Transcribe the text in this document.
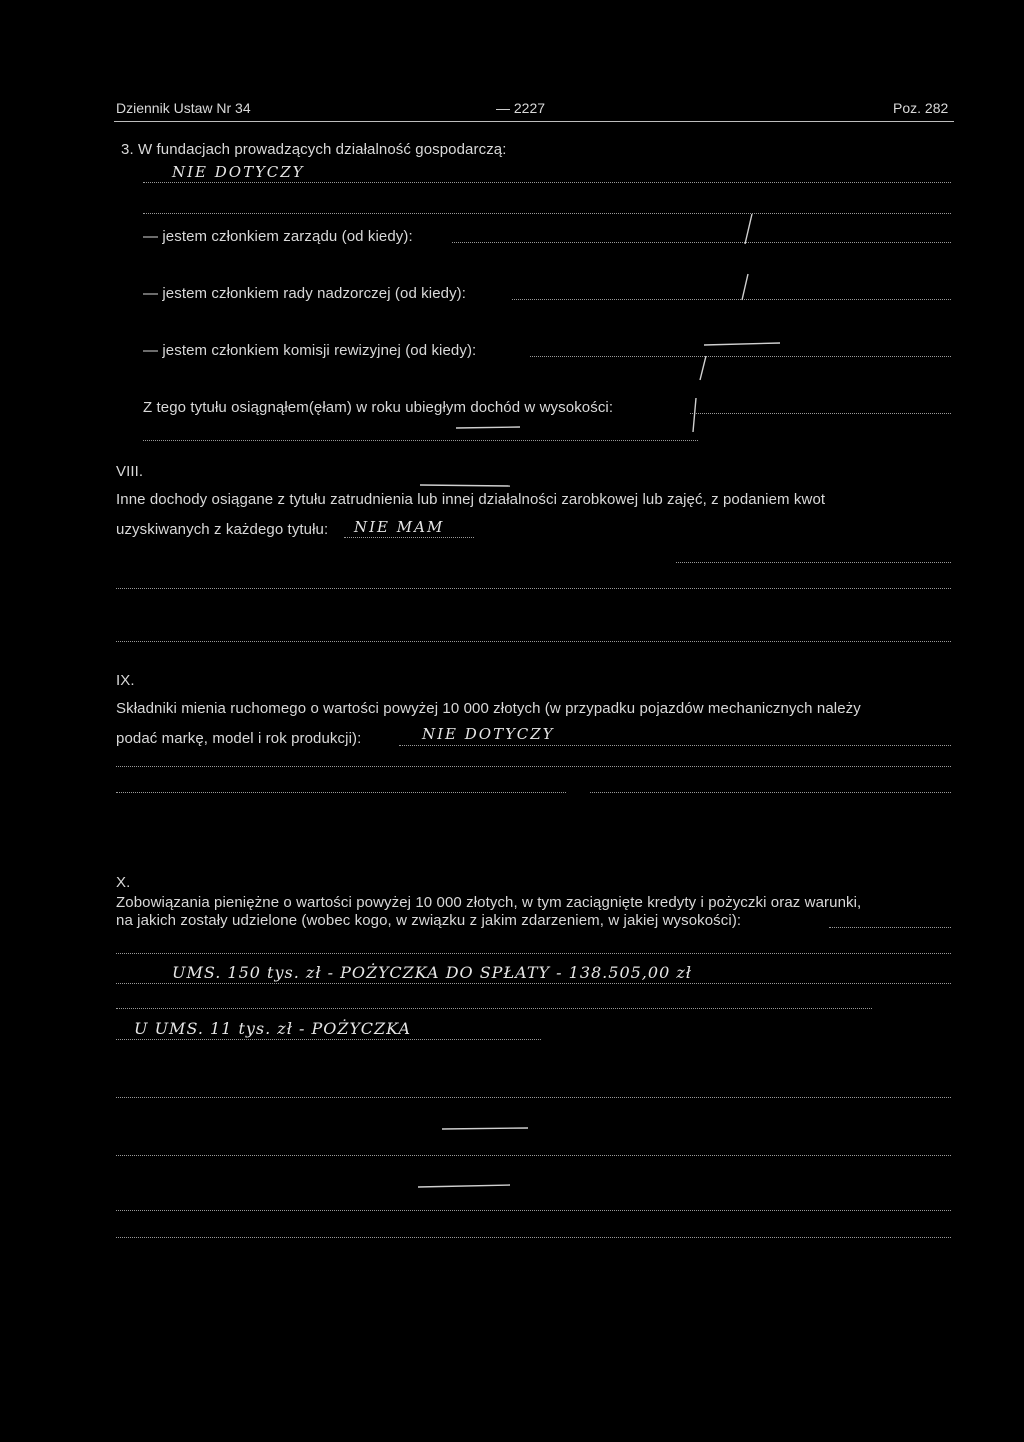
Dziennik Ustaw Nr 34	— 2227	Poz. 282
3. W fundacjach prowadzących działalność gospodarczą:
NIE DOTYCZY
— jestem członkiem zarządu (od kiedy):
— jestem członkiem rady nadzorczej (od kiedy):
— jestem członkiem komisji rewizyjnej (od kiedy):
Z tego tytułu osiągnąłem(ęłam) w roku ubiegłym dochód w wysokości:
VIII.
Inne dochody osiągane z tytułu zatrudnienia lub innej działalności zarobkowej lub zajęć, z podaniem kwot
uzyskiwanych z każdego tytułu: NIE MAM
IX.
Składniki mienia ruchomego o wartości powyżej 10 000 złotych (w przypadku pojazdów mechanicznych należy
podać markę, model i rok produkcji):	NIE DOTYCZY
X.
Zobowiązania pieniężne o wartości powyżej 10 000 złotych, w tym zaciągnięte kredyty i pożyczki oraz warunki,
na jakich zostały udzielone (wobec kogo, w związku z jakim zdarzeniem, w jakiej wysokości):
UMS. 150 tys. zł - POŻYCZKA DO SPŁATY - 138.505,00 zł
U UMS. 11 tys. zł - POŻYCZKA
